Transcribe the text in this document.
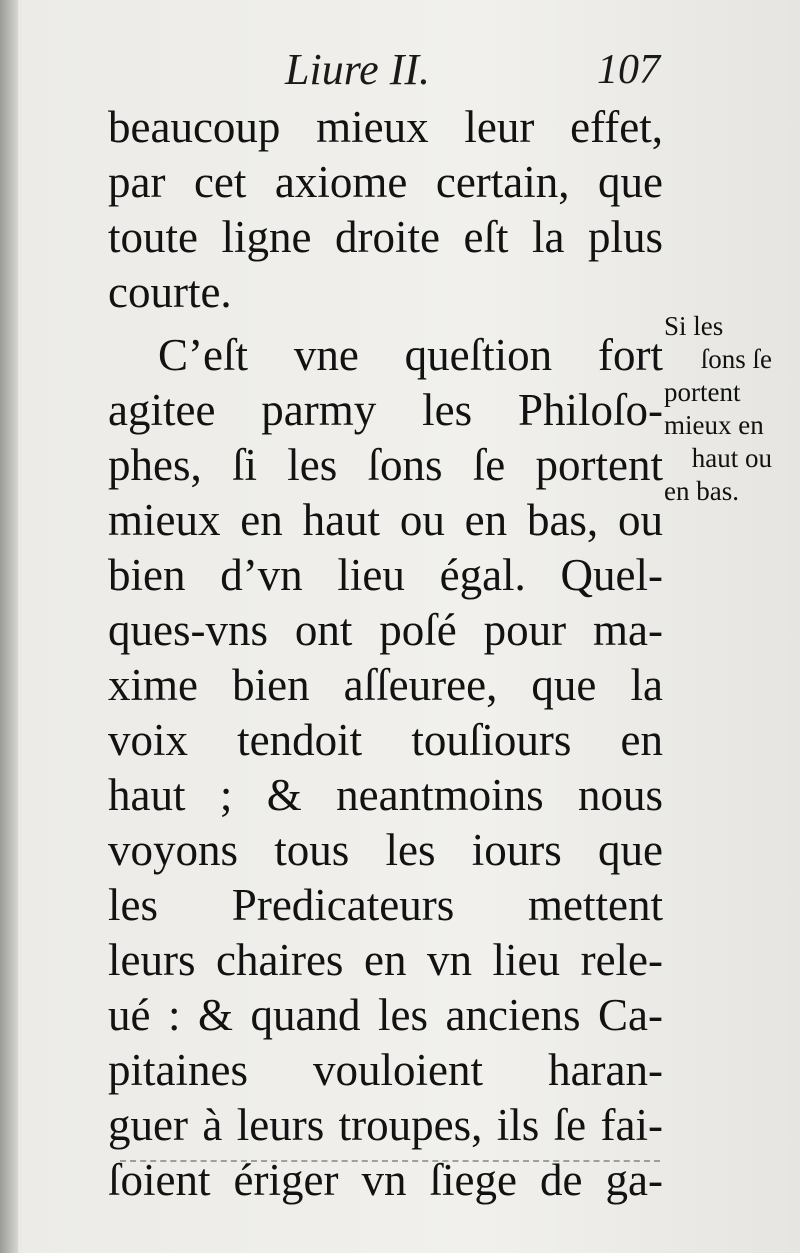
Liure II.	107
beaucoup mieux leur effet,
par cet axiome certain, que
toute ligne droite eſt la plus
courte.
C’eſt vne queſtion fort
agitee parmy les Philoſo-
phes, ſi les ſons ſe portent
mieux en haut ou en bas, ou
bien d’vn lieu égal. Quel-
ques-vns ont poſé pour ma-
xime bien aſſeuree, que la
voix tendoit touſiours en
haut ; & neantmoins nous
voyons tous les iours que
les Predicateurs mettent
leurs chaires en vn lieu rele-
ué : & quand les anciens Ca-
pitaines vouloient haran-
guer à leurs troupes, ils ſe fai-
ſoient ériger vn ſiege de ga-
Si les
ſons ſe
portent
mieux en
haut ou
en bas.
